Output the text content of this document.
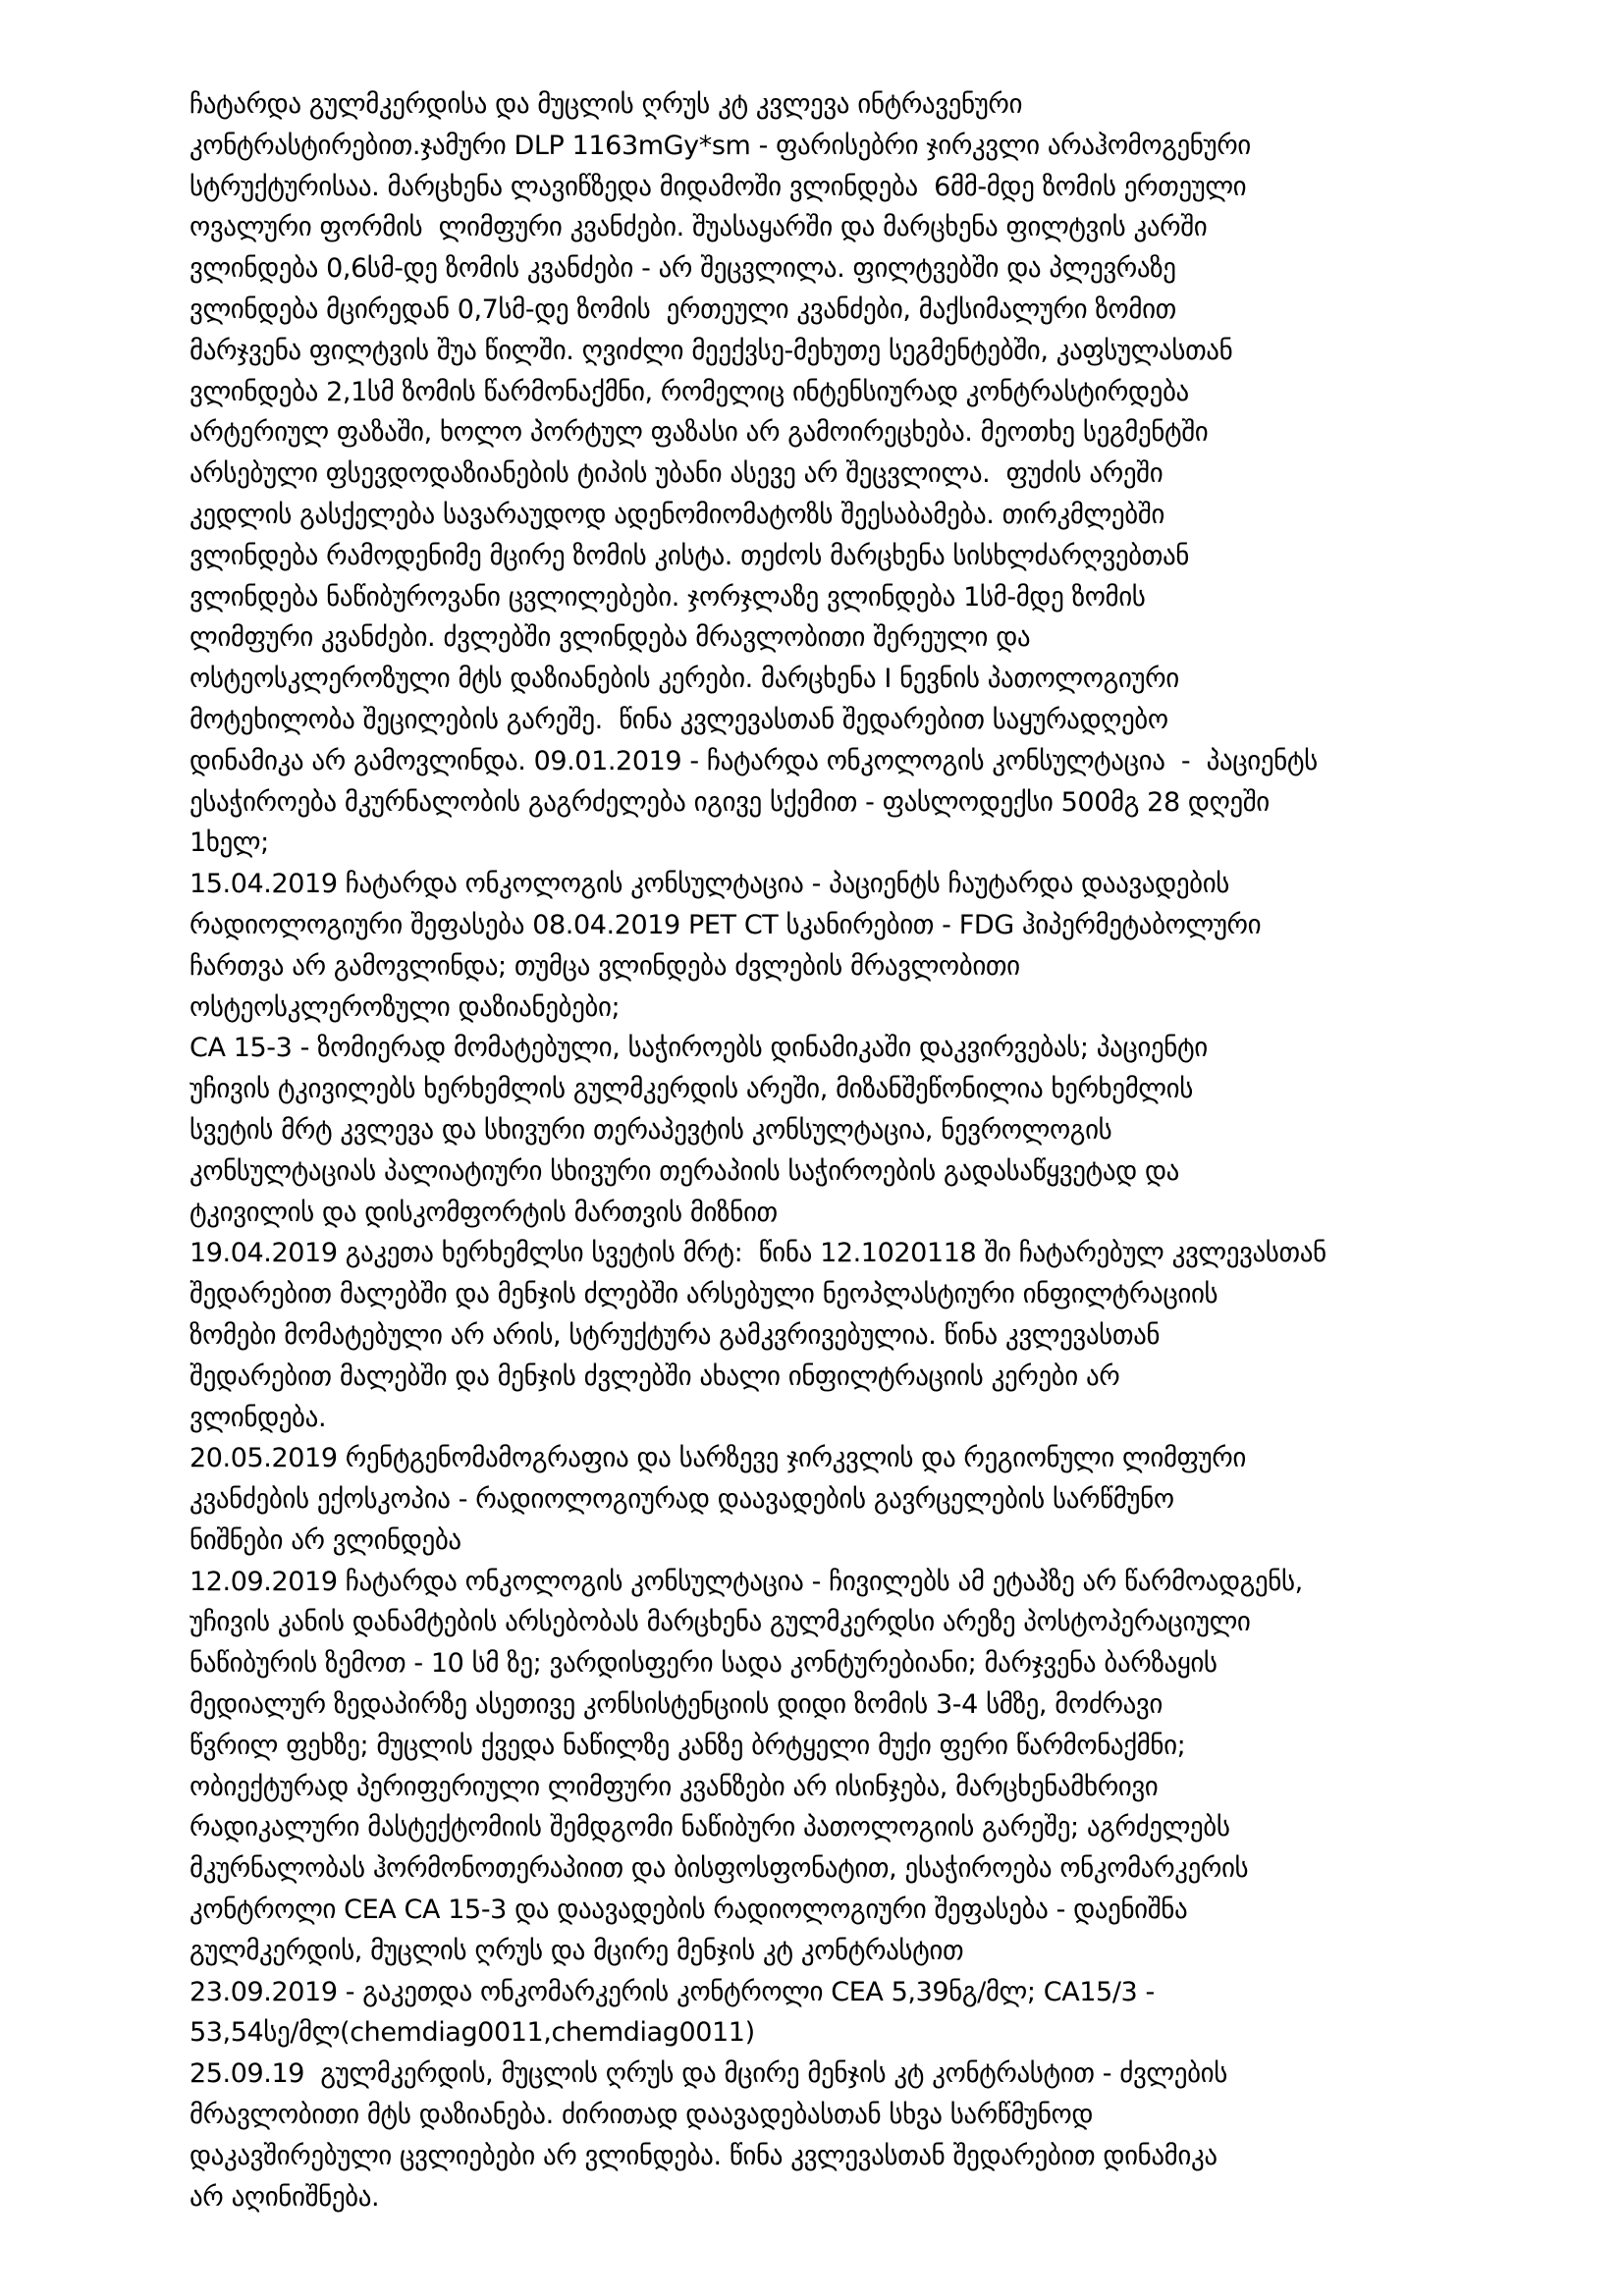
ჩატარდა გულმკერდისა და მუცლის ღრუს კტ კვლევა ინტრავენური
კონტრასტირებით.ჯამური DLP 1163mGy*sm - ფარისებრი ჯირკვლი არაჰომოგენური
სტრუქტურისაა. მარცხენა ლავიწზედა მიდამოში ვლინდება  6მმ-მდე ზომის ერთეული
ოვალური ფორმის  ლიმფური კვანძები. შუასაყარში და მარცხენა ფილტვის კარში
ვლინდება 0,6სმ-დე ზომის კვანძები - არ შეცვლილა. ფილტვებში და პლევრაზე
ვლინდება მცირედან 0,7სმ-დე ზომის  ერთეული კვანძები, მაქსიმალური ზომით
მარჯვენა ფილტვის შუა წილში. ღვიძლი მეექვსე-მეხუთე სეგმენტებში, კაფსულასთან
ვლინდება 2,1სმ ზომის წარმონაქმნი, რომელიც ინტენსიურად კონტრასტირდება
არტერიულ ფაზაში, ხოლო პორტულ ფაზასი არ გამოირეცხება. მეოთხე სეგმენტში
არსებული ფსევდოდაზიანების ტიპის უბანი ასევე არ შეცვლილა.  ფუძის არეში
კედლის გასქელება სავარაუდოდ ადენომიომატოზს შეესაბამება. თირკმლებში
ვლინდება რამოდენიმე მცირე ზომის კისტა. თეძოს მარცხენა სისხლძარღვებთან
ვლინდება ნაწიბუროვანი ცვლილებები. ჯორჯლაზე ვლინდება 1სმ-მდე ზომის
ლიმფური კვანძები. ძვლებში ვლინდება მრავლობითი შერეული და
ოსტეოსკლეროზული მტს დაზიანების კერები. მარცხენა I ნევნის პათოლოგიური
მოტეხილობა შეცილების გარეშე.  წინა კვლევასთან შედარებით საყურადღებო
დინამიკა არ გამოვლინდა. 09.01.2019 - ჩატარდა ონკოლოგის კონსულტაცია  -  პაციენტს
ესაჭიროება მკურნალობის გაგრძელება იგივე სქემით - ფასლოდექსი 500მგ 28 დღეში
1ხელ;
15.04.2019 ჩატარდა ონკოლოგის კონსულტაცია - პაციენტს ჩაუტარდა დაავადების
რადიოლოგიური შეფასება 08.04.2019 PET CT სკანირებით - FDG ჰიპერმეტაბოლური
ჩართვა არ გამოვლინდა; თუმცა ვლინდება ძვლების მრავლობითი
ოსტეოსკლეროზული დაზიანებები;
CA 15-3 - ზომიერად მომატებული, საჭიროებს დინამიკაში დაკვირვებას; პაციენტი
უჩივის ტკივილებს ხერხემლის გულმკერდის არეში, მიზანშეწონილია ხერხემლის
სვეტის მრტ კვლევა და სხივური თერაპევტის კონსულტაცია, ნევროლოგის
კონსულტაციას პალიატიური სხივური თერაპიის საჭიროების გადასაწყვეტად და
ტკივილის და დისკომფორტის მართვის მიზნით
19.04.2019 გაკეთა ხერხემლსი სვეტის მრტ:  წინა 12.1020118 ში ჩატარებულ კვლევასთან
შედარებით მალებში და მენჯის ძლებში არსებული ნეოპლასტიური ინფილტრაციის
ზომები მომატებული არ არის, სტრუქტურა გამკვრივებულია. წინა კვლევასთან
შედარებით მალებში და მენჯის ძვლებში ახალი ინფილტრაციის კერები არ
ვლინდება.
20.05.2019 რენტგენომამოგრაფია და სარზევე ჯირკვლის და რეგიონული ლიმფური
კვანძების ექოსკოპია - რადიოლოგიურად დაავადების გავრცელების სარწმუნო
ნიშნები არ ვლინდება
12.09.2019 ჩატარდა ონკოლოგის კონსულტაცია - ჩივილებს ამ ეტაპზე არ წარმოადგენს,
უჩივის კანის დანამტების არსებობას მარცხენა გულმკერდსი არეზე პოსტოპერაციული
ნაწიბურის ზემოთ - 10 სმ ზე; ვარდისფერი სადა კონტურებიანი; მარჯვენა ბარზაყის
მედიალურ ზედაპირზე ასეთივე კონსისტენციის დიდი ზომის 3-4 სმზე, მოძრავი
წვრილ ფეხზე; მუცლის ქვედა ნაწილზე კანზე ბრტყელი მუქი ფერი წარმონაქმნი;
ობიექტურად პერიფერიული ლიმფური კვანზები არ ისინჯება, მარცხენამხრივი
რადიკალური მასტექტომიის შემდგომი ნაწიბური პათოლოგიის გარეშე; აგრძელებს
მკურნალობას ჰორმონოთერაპიით და ბისფოსფონატით, ესაჭიროება ონკომარკერის
კონტროლი CEA CA 15-3 და დაავადების რადიოლოგიური შეფასება - დაენიშნა
გულმკერდის, მუცლის ღრუს და მცირე მენჯის კტ კონტრასტით
23.09.2019 - გაკეთდა ონკომარკერის კონტროლი CEA 5,39ნგ/მლ; CA15/3 -
53,54სე/მლ(chemdiag0011,chemdiag0011)
25.09.19  გულმკერდის, მუცლის ღრუს და მცირე მენჯის კტ კონტრასტით - ძვლების
მრავლობითი მტს დაზიანება. ძირითად დაავადებასთან სხვა სარწმუნოდ
დაკავშირებული ცვლიებები არ ვლინდება. წინა კვლევასთან შედარებით დინამიკა
არ აღინიშნება.
